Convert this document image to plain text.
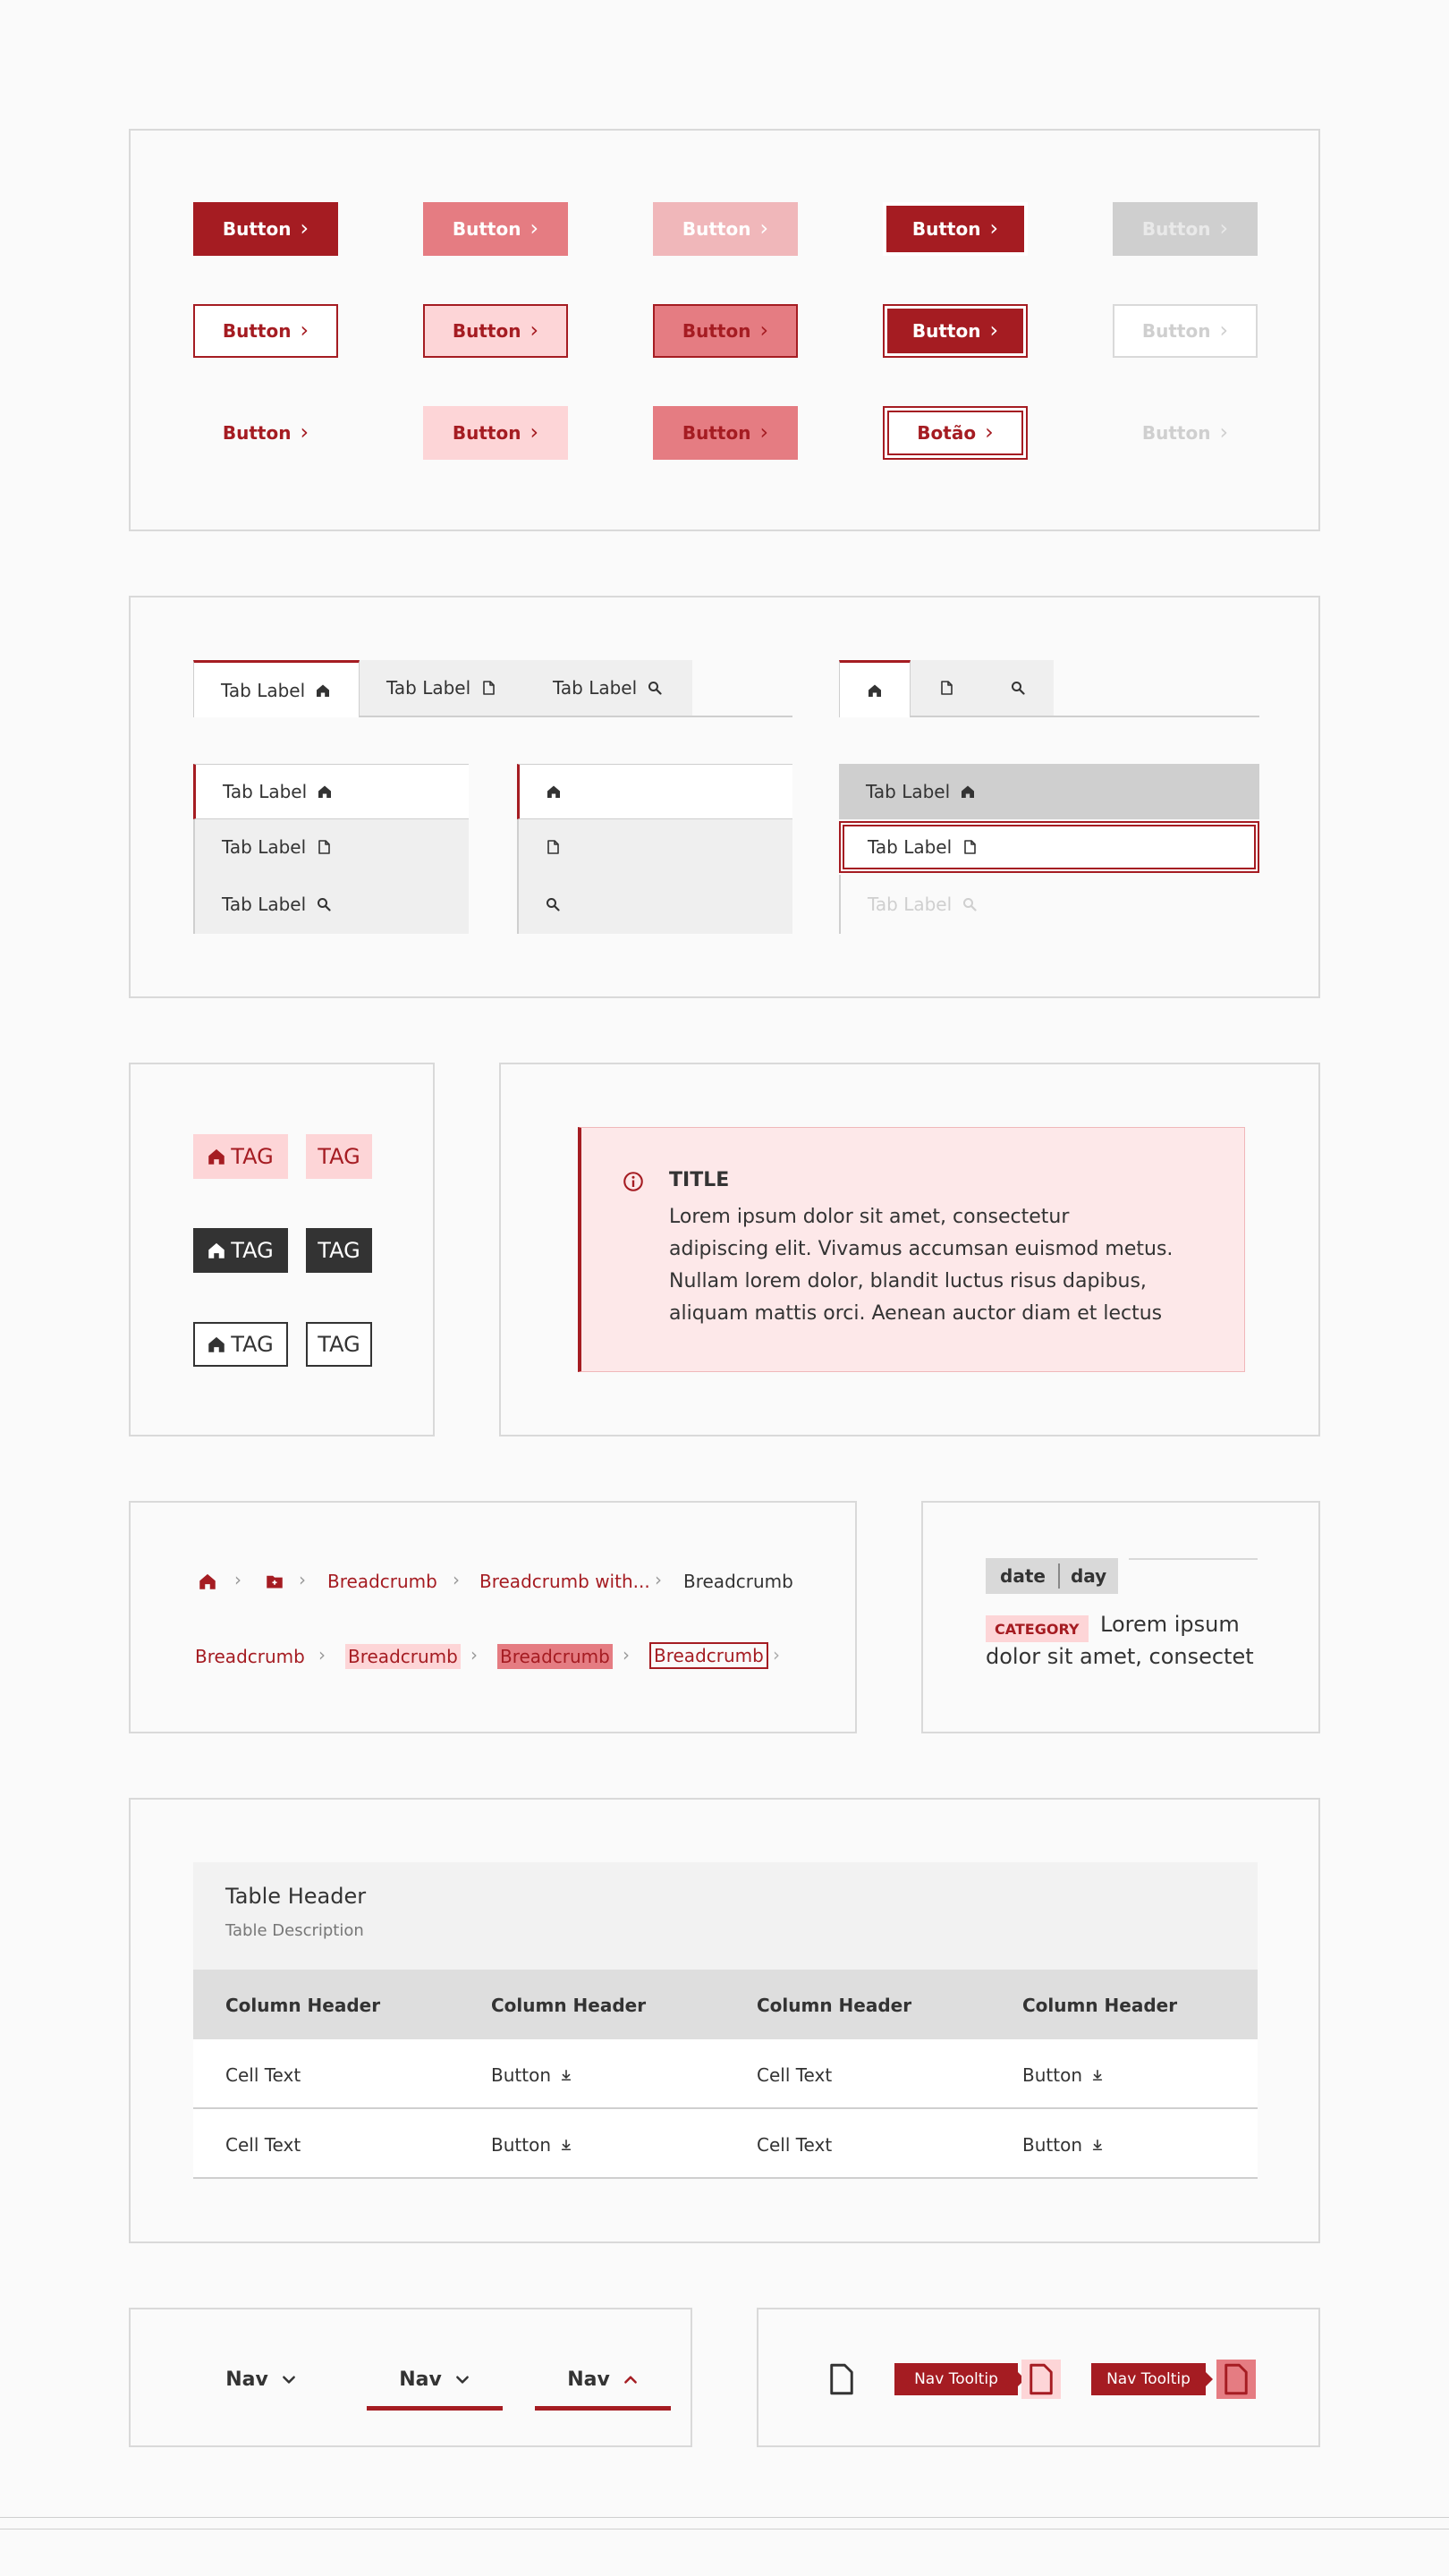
Button ›	Button ›	Button ›	Button ›	Button ›
Button ›	Button ›	Button ›	Button ›	Button ›
Button ›	Button ›	Button ›	Botão ›	Button ›
Tab Label	Tab Label	Tab Label
Tab Label
Tab Label
Tab Label
Tab Label
Tab Label
Tab Label
TAG TAG
TAG TAG
TAG TAG
TITLE
Lorem ipsum dolor sit amet, consectetur
adipiscing elit. Vivamus accumsan euismod metus.
Nullam lorem dolor, blandit luctus risus dapibus,
aliquam mattis orci. Aenean auctor diam et lectus
›	› Breadcrumb › Breadcrumb with... › Breadcrumb
Breadcrumb › Breadcrumb › Breadcrumb › Breadcrumb ›
date	day
CATEGORY Lorem ipsum
dolor sit amet, consectet
Table Header
Table Description
Column Header	Column Header	Column Header	Column Header
Cell Text	Button	Cell Text	Button
Cell Text	Button	Cell Text	Button
Nav	Nav	Nav	Nav Tooltip	Nav Tooltip
